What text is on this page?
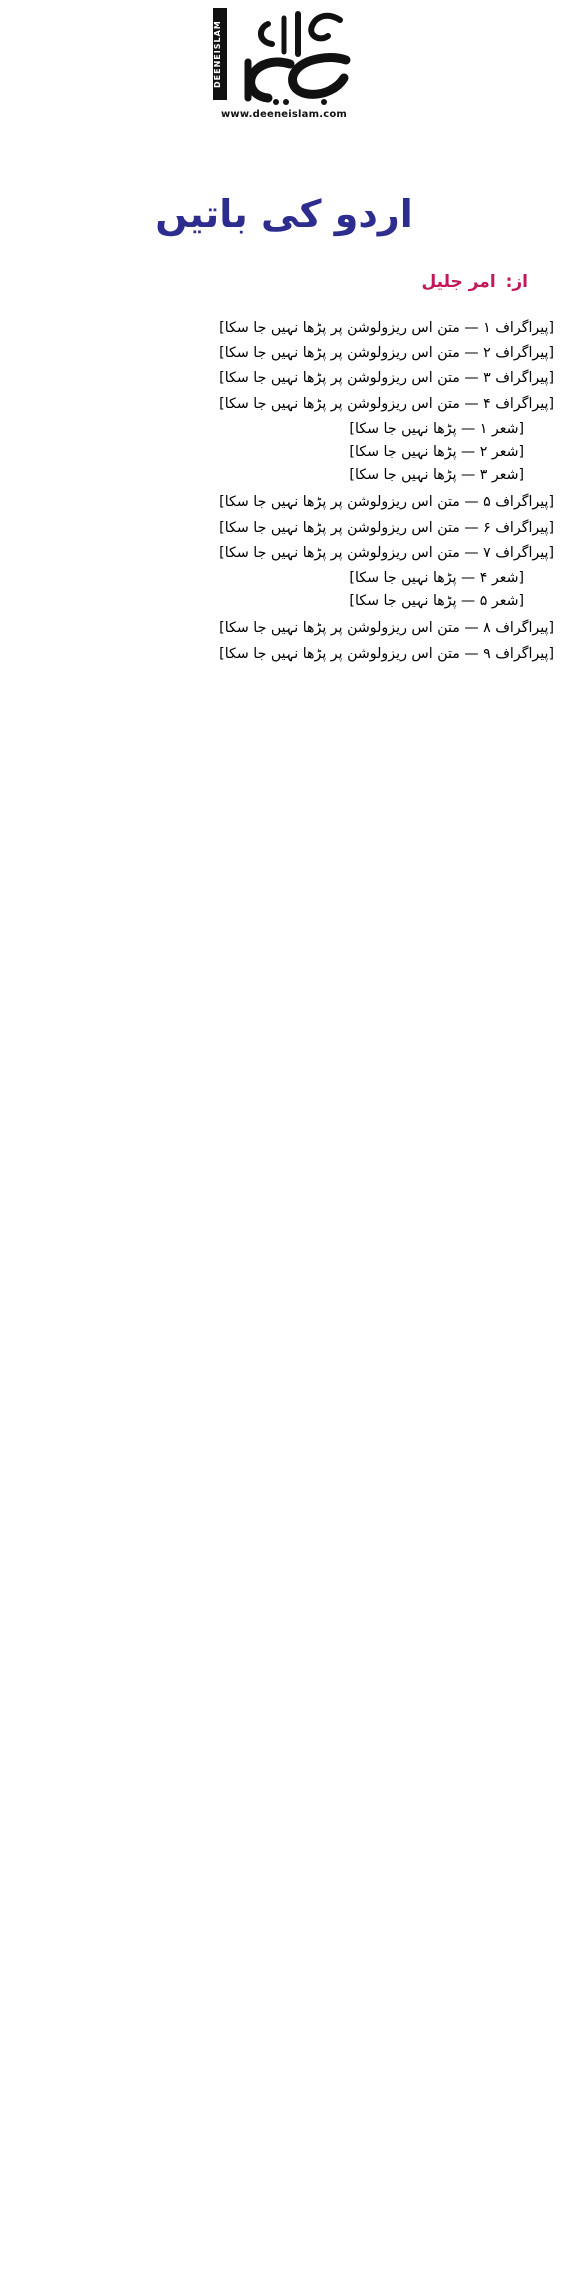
DEENEISLAM
www.deeneislam.com
اردو کی باتیں
از: امر جلیل

[پیراگراف ۱ — متن اس ریزولوشن پر پڑھا نہیں جا سکا]

[پیراگراف ۲ — متن اس ریزولوشن پر پڑھا نہیں جا سکا]

[پیراگراف ۳ — متن اس ریزولوشن پر پڑھا نہیں جا سکا]

[پیراگراف ۴ — متن اس ریزولوشن پر پڑھا نہیں جا سکا]

[شعر ۱ — پڑھا نہیں جا سکا]

[شعر ۲ — پڑھا نہیں جا سکا]

[شعر ۳ — پڑھا نہیں جا سکا]

[پیراگراف ۵ — متن اس ریزولوشن پر پڑھا نہیں جا سکا]

[پیراگراف ۶ — متن اس ریزولوشن پر پڑھا نہیں جا سکا]

[پیراگراف ۷ — متن اس ریزولوشن پر پڑھا نہیں جا سکا]

[شعر ۴ — پڑھا نہیں جا سکا]

[شعر ۵ — پڑھا نہیں جا سکا]

[پیراگراف ۸ — متن اس ریزولوشن پر پڑھا نہیں جا سکا]

[پیراگراف ۹ — متن اس ریزولوشن پر پڑھا نہیں جا سکا]
